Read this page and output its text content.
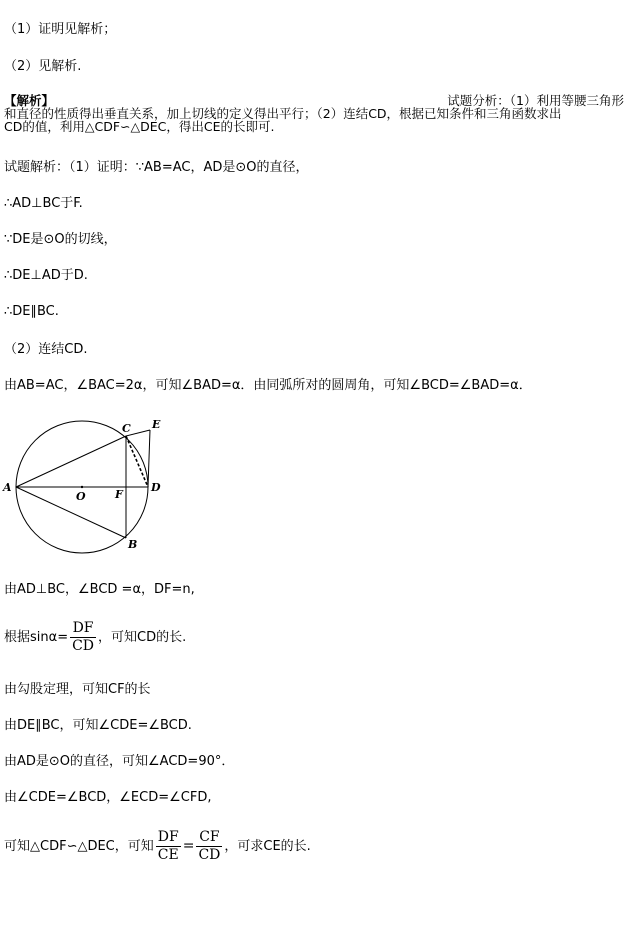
（1）证明见解析；
（2）见解析.
【解析】	试题分析：（1）利用等腰三角形
和直径的性质得出垂直关系，加上切线的定义得出平行；（2）连结CD，根据已知条件和三角函数求出
CD的值，利用△CDF∽△DEC，得出CE的长即可.
试题解析：（1）证明：∵AB=AC，AD是⊙O的直径，
∴AD⊥BC于F.
∵DE是⊙O的切线，
∴DE⊥AD于D.
∴DE∥BC.
（2）连结CD.
由AB=AC，∠BAC=2α，可知∠BAD=α．由同弧所对的圆周角，可知∠BCD=∠BAD=α．
A
O	F
D
C E
B
由AD⊥BC，∠BCD =α，DF=n,
根据$\sin\alpha= \frac{DF}{CD}$ ，可知CD的长.
由勾股定理，可知CF的长
由DE∥BC，可知∠CDE=∠BCD.
由AD是⊙O的直径，可知∠ACD=90°．
由∠CDE=∠BCD，∠ECD=∠CFD,
可知△CDF∽△DEC，可知 $\frac{DF}{CE} = \frac{CF}{CD}$ ，可求CE的长.
